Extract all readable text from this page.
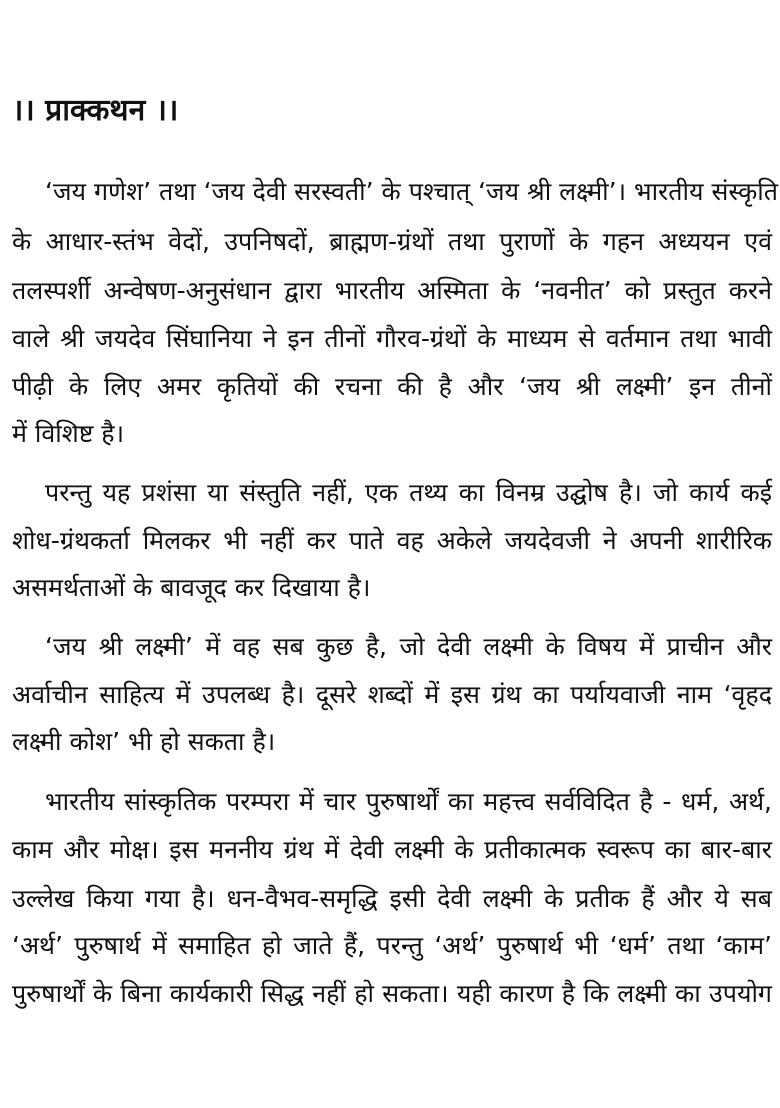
।। प्राक्कथन ।।
‘जय गणेश’ तथा ‘जय देवी सरस्वती’ के पश्चात् ‘जय श्री लक्ष्मी’। भारतीय संस्कृति
के आधार-स्तंभ वेदों, उपनिषदों, ब्राह्मण-ग्रंथों तथा पुराणों के गहन अध्ययन एवं
तलस्पर्शी अन्वेषण-अनुसंधान द्वारा भारतीय अस्मिता के ‘नवनीत’ को प्रस्तुत करने
वाले श्री जयदेव सिंघानिया ने इन तीनों गौरव-ग्रंथों के माध्यम से वर्तमान तथा भावी
पीढ़ी के लिए अमर कृतियों की रचना की है और ‘जय श्री लक्ष्मी’ इन तीनों
में विशिष्ट है।
परन्तु यह प्रशंसा या संस्तुति नहीं, एक तथ्य का विनम्र उद्घोष है। जो कार्य कई
शोध-ग्रंथकर्ता मिलकर भी नहीं कर पाते वह अकेले जयदेवजी ने अपनी शारीरिक
असमर्थताओं के बावजूद कर दिखाया है।
‘जय श्री लक्ष्मी’ में वह सब कुछ है, जो देवी लक्ष्मी के विषय में प्राचीन और
अर्वाचीन साहित्य में उपलब्ध है। दूसरे शब्दों में इस ग्रंथ का पर्यायवाजी नाम ‘वृहद
लक्ष्मी कोश’ भी हो सकता है।
भारतीय सांस्कृतिक परम्परा में चार पुरुषार्थों का महत्त्व सर्वविदित है - धर्म, अर्थ,
काम और मोक्ष। इस मननीय ग्रंथ में देवी लक्ष्मी के प्रतीकात्मक स्वरूप का बार-बार
उल्लेख किया गया है। धन-वैभव-समृद्धि इसी देवी लक्ष्मी के प्रतीक हैं और ये सब
‘अर्थ’ पुरुषार्थ में समाहित हो जाते हैं, परन्तु ‘अर्थ’ पुरुषार्थ भी ‘धर्म’ तथा ‘काम’
पुरुषार्थों के बिना कार्यकारी सिद्ध नहीं हो सकता। यही कारण है कि लक्ष्मी का उपयोग
